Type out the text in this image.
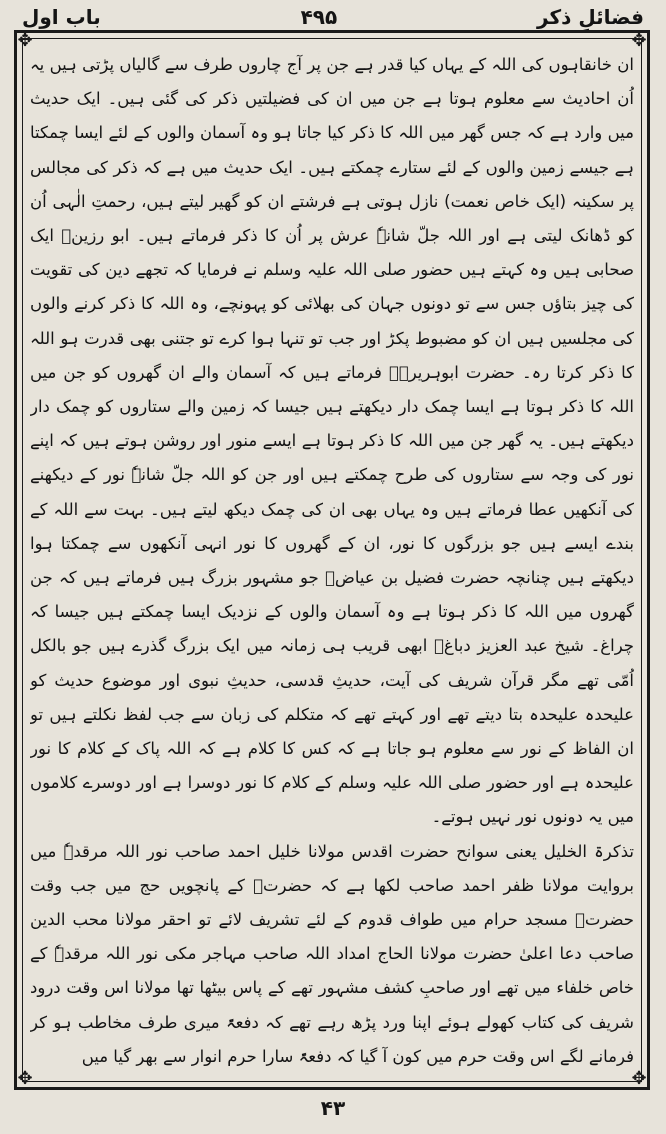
فضائلِ ذکر
۴۹۵
باب اول
✥	✥
✥	✥

ان خانقاہوں کی اللہ کے یہاں کیا قدر ہے جن پر آج چاروں طرف سے گالیاں پڑتی ہیں یہ اُن احادیث سے معلوم ہوتا ہے جن میں ان کی فضیلتیں ذکر کی گئی ہیں۔ ایک حدیث میں وارد ہے کہ جس گھر میں اللہ کا ذکر کیا جاتا ہو وہ آسمان والوں کے لئے ایسا چمکتا ہے جیسے زمین والوں کے لئے ستارے چمکتے ہیں۔ ایک حدیث میں ہے کہ ذکر کی مجالس پر سکینہ (ایک خاص نعمت) نازل ہوتی ہے فرشتے ان کو گھیر لیتے ہیں، رحمتِ الٰہی اُن کو ڈھانک لیتی ہے اور اللہ جلّ شانہٗ عرش پر اُن کا ذکر فرماتے ہیں۔ ابو رزینؓ ایک صحابی ہیں وہ کہتے ہیں حضور صلی اللہ علیہ وسلم نے فرمایا کہ تجھے دین کی تقویت کی چیز بتاؤں جس سے تو دونوں جہان کی بھلائی کو پہونچے، وہ اللہ کا ذکر کرنے والوں کی مجلسیں ہیں ان کو مضبوط پکڑ اور جب تو تنہا ہوا کرے تو جتنی بھی قدرت ہو اللہ کا ذکر کرتا رہ۔ حضرت ابوہریرہؓ فرماتے ہیں کہ آسمان والے ان گھروں کو جن میں اللہ کا ذکر ہوتا ہے ایسا چمک دار دیکھتے ہیں جیسا کہ زمین والے ستاروں کو چمک دار دیکھتے ہیں۔ یہ گھر جن میں اللہ کا ذکر ہوتا ہے ایسے منور اور روشن ہوتے ہیں کہ اپنے نور کی وجہ سے ستاروں کی طرح چمکتے ہیں اور جن کو اللہ جلّ شانہٗ نور کے دیکھنے کی آنکھیں عطا فرماتے ہیں وہ یہاں بھی ان کی چمک دیکھ لیتے ہیں۔ بہت سے اللہ کے بندے ایسے ہیں جو بزرگوں کا نور، ان کے گھروں کا نور انہی آنکھوں سے چمکتا ہوا دیکھتے ہیں چنانچہ حضرت فضیل بن عیاضؒ جو مشہور بزرگ ہیں فرماتے ہیں کہ جن گھروں میں اللہ کا ذکر ہوتا ہے وہ آسمان والوں کے نزدیک ایسا چمکتے ہیں جیسا کہ چراغ۔ شیخ عبد العزیز دباغؒ ابھی قریب ہی زمانہ میں ایک بزرگ گذرے ہیں جو بالکل اُمّی تھے مگر قرآن شریف کی آیت، حدیثِ قدسی، حدیثِ نبوی اور موضوع حدیث کو علیحدہ علیحدہ بتا دیتے تھے اور کہتے تھے کہ متکلم کی زبان سے جب لفظ نکلتے ہیں تو ان الفاظ کے نور سے معلوم ہو جاتا ہے کہ کس کا کلام ہے کہ اللہ پاک کے کلام کا نور علیحدہ ہے اور حضور صلی اللہ علیہ وسلم کے کلام کا نور دوسرا ہے اور دوسرے کلاموں میں یہ دونوں نور نہیں ہوتے۔

تذکرۃ الخلیل یعنی سوانح حضرت اقدس مولانا خلیل احمد صاحب نور اللہ مرقدہٗ میں بروایت مولانا ظفر احمد صاحب لکھا ہے کہ حضرتؒ کے پانچویں حج میں جب وقت حضرتؒ مسجد حرام میں طواف قدوم کے لئے تشریف لائے تو احقر مولانا محب الدین صاحب دعا اعلیٰ حضرت مولانا الحاج امداد اللہ صاحب مہاجر مکی نور اللہ مرقدہٗ کے خاص خلفاء میں تھے اور صاحبِ کشف مشہور تھے کے پاس بیٹھا تھا مولانا اس وقت درود شریف کی کتاب کھولے ہوئے اپنا ورد پڑھ رہے تھے کہ دفعۃً میری طرف مخاطب ہو کر فرمانے لگے اس وقت حرم میں کون آ گیا کہ دفعۃً سارا حرم انوار سے بھر گیا میں

۴۳
